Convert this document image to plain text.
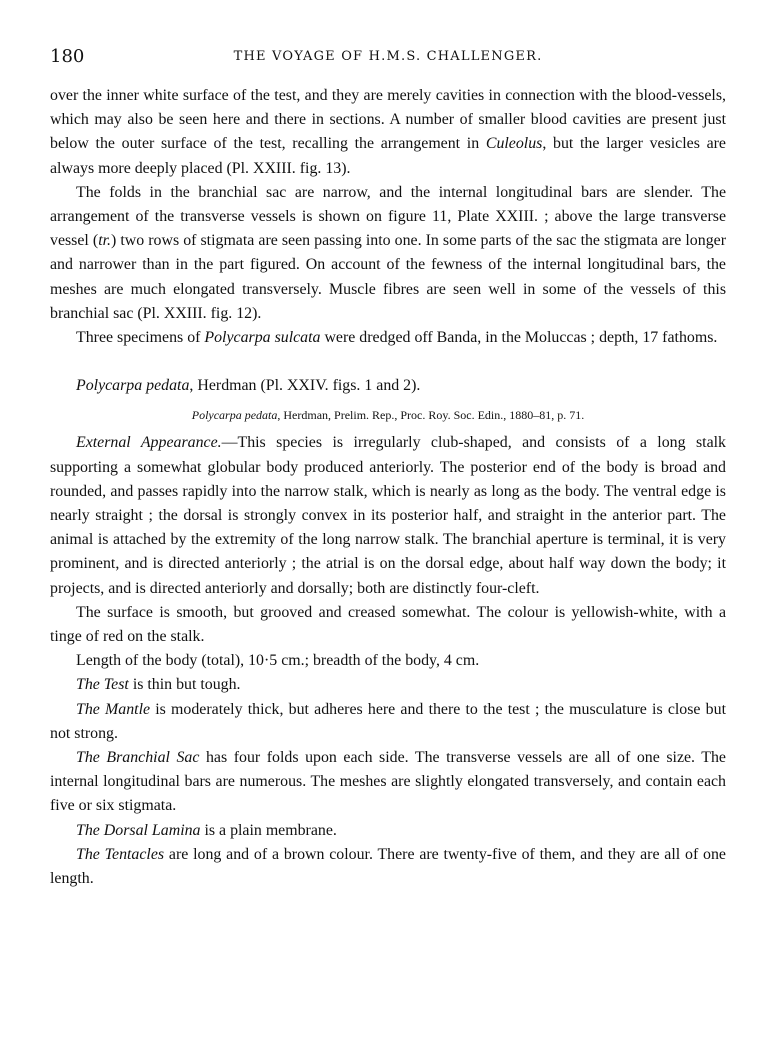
180	THE VOYAGE OF H.M.S. CHALLENGER.

over the inner white surface of the test, and they are merely cavities in connection with the blood-vessels, which may also be seen here and there in sections. A number of smaller blood cavities are present just below the outer surface of the test, recalling the arrangement in Culeolus, but the larger vesicles are always more deeply placed (Pl. XXIII. fig. 13).

The folds in the branchial sac are narrow, and the internal longitudinal bars are slender. The arrangement of the transverse vessels is shown on figure 11, Plate XXIII. ; above the large transverse vessel (tr.) two rows of stigmata are seen passing into one. In some parts of the sac the stigmata are longer and narrower than in the part figured. On account of the fewness of the internal longitudinal bars, the meshes are much elongated transversely. Muscle fibres are seen well in some of the vessels of this branchial sac (Pl. XXIII. fig. 12).

Three specimens of Polycarpa sulcata were dredged off Banda, in the Moluccas ; depth, 17 fathoms.

Polycarpa pedata, Herdman (Pl. XXIV. figs. 1 and 2).

Polycarpa pedata, Herdman, Prelim. Rep., Proc. Roy. Soc. Edin., 1880–81, p. 71.

External Appearance.—This species is irregularly club-shaped, and consists of a long stalk supporting a somewhat globular body produced anteriorly. The posterior end of the body is broad and rounded, and passes rapidly into the narrow stalk, which is nearly as long as the body. The ventral edge is nearly straight ; the dorsal is strongly convex in its posterior half, and straight in the anterior part. The animal is attached by the extremity of the long narrow stalk. The branchial aperture is terminal, it is very prominent, and is directed anteriorly ; the atrial is on the dorsal edge, about half way down the body; it projects, and is directed anteriorly and dorsally; both are distinctly four-cleft.

The surface is smooth, but grooved and creased somewhat. The colour is yellowish-white, with a tinge of red on the stalk.

Length of the body (total), 10·5 cm.; breadth of the body, 4 cm.

The Test is thin but tough.

The Mantle is moderately thick, but adheres here and there to the test ; the musculature is close but not strong.

The Branchial Sac has four folds upon each side. The transverse vessels are all of one size. The internal longitudinal bars are numerous. The meshes are slightly elongated transversely, and contain each five or six stigmata.

The Dorsal Lamina is a plain membrane.

The Tentacles are long and of a brown colour. There are twenty-five of them, and they are all of one length.
